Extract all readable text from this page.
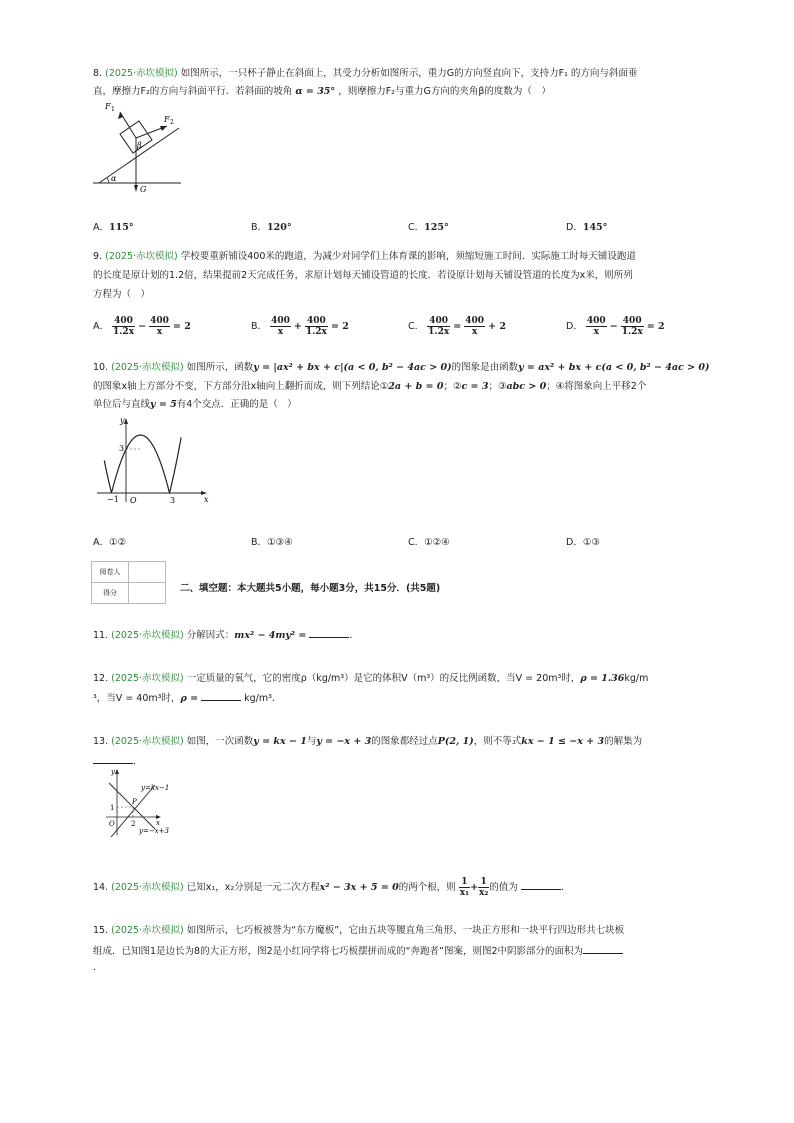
8. (2025·赤坎模拟) 如图所示，一只杯子静止在斜面上，其受力分析如图所示，重力G的方向竖直向下，支持力F₁ 的方向与斜面垂
直，摩擦力F₂的方向与斜面平行．若斜面的坡角 α = 35° ，则摩擦力F₂与重力G方向的夹角β的度数为（　）
α
F 1
F 2
G
β
A．115°	B．120°	C．125°	D．145°
9. (2025·赤坎模拟) 学校要重新铺设400米的跑道，为减少对同学们上体育课的影响，须缩短施工时间．实际施工时每天铺设跑道
的长度是原计划的1.2倍，结果提前2天完成任务，求原计划每天铺设管道的长度．若设原计划每天铺设管道的长度为x米，则所列
方程为（　）
A． $\frac{400}{1.2x} - \frac{400}{x} = 2$	B． $\frac{400}{x} + \frac{400}{1.2x} = 2$	C． $\frac{400}{1.2x} = \frac{400}{x} + 2$	D． $\frac{400}{x} - \frac{400}{1.2x} = 2$
10. (2025·赤坎模拟) 如图所示，函数y = |ax² + bx + c|(a < 0, b² − 4ac > 0)的图象是由函数y = ax² + bx + c(a < 0, b² − 4ac > 0)
的图象x轴上方部分不变，下方部分沿x轴向上翻折而成，则下列结论①2a + b = 0；②c = 3；③abc > 0；④将图象向上平移2个
单位后与直线y = 5有4个交点．正确的是（　）
y
x
3
−1 O	3
A．①②	B．①③④	C．①②④	D．①③
阅卷人	
得分		二、填空题：本大题共5小题，每小题3分，共15分．(共5题)
11. (2025·赤坎模拟) 分解因式：mx² − 4my² =	．
12. (2025·赤坎模拟) 一定质量的氧气，它的密度ρ（kg/m³）是它的体积V（m³）的反比例函数，当V = 20m³时，ρ = 1.36kg/m
³，当V = 40m³时，ρ =	kg/m³．
13. (2025·赤坎模拟) 如图，一次函数y = kx − 1与y = −x + 3的图象都经过点P(2, 1)，则不等式kx − 1 ≤ −x + 3的解集为
．
y
x
y=kx−1
y=−x+3
P
1
2
O
14. (2025·赤坎模拟) 已知x₁，x₂分别是一元二次方程x² − 3x + 5 = 0的两个根，则 $\frac{1}{\text{x₁}} + \frac{1}{\text{x₂}}$ 的值为	．
15. (2025·赤坎模拟) 如图所示，七巧板被誉为“东方魔板”，它由五块等腰直角三角形、一块正方形和一块平行四边形共七块板
组成．已知图1是边长为8的大正方形，图2是小红同学将七巧板摆拼而成的“奔跑者”图案，则图2中阴影部分的面积为
．
